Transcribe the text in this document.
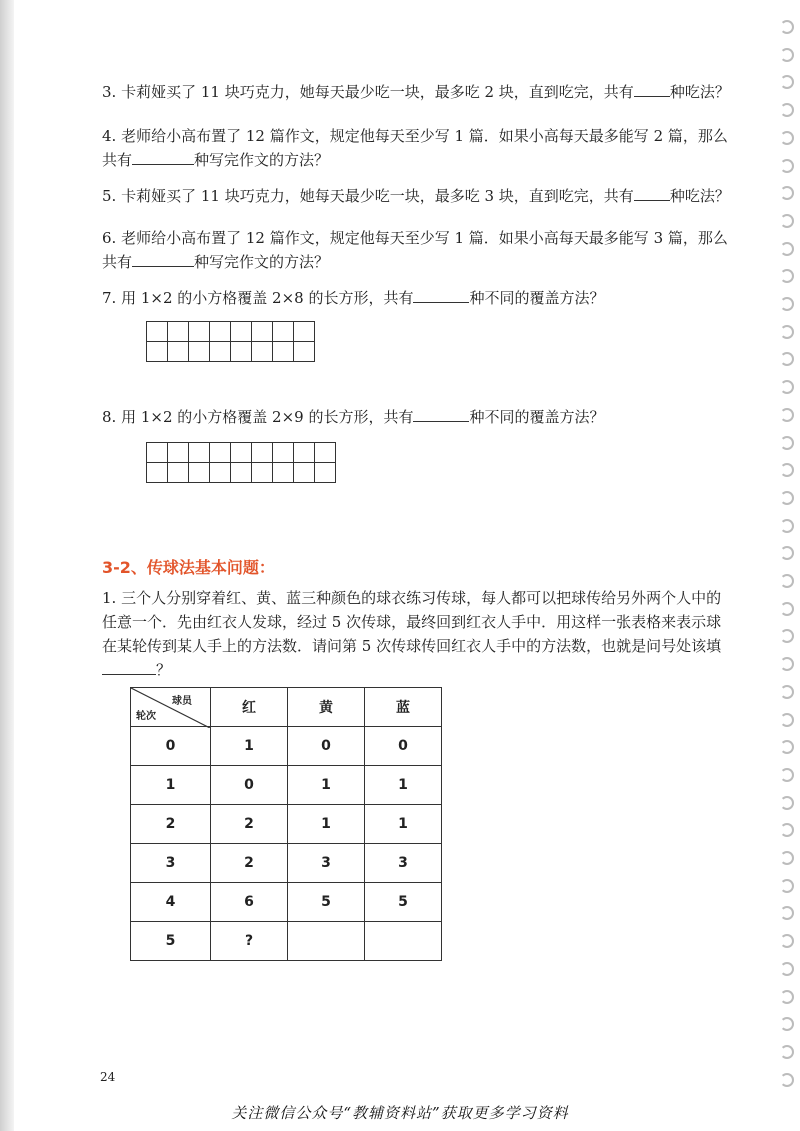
3. 卡莉娅买了 11 块巧克力，她每天最少吃一块，最多吃 2 块，直到吃完，共有 种吃法？
4. 老师给小高布置了 12 篇作文，规定他每天至少写 1 篇．如果小高每天最多能写 2 篇，那么共有	种写完作文的方法？
5. 卡莉娅买了 11 块巧克力，她每天最少吃一块，最多吃 3 块，直到吃完，共有 种吃法？
6. 老师给小高布置了 12 篇作文，规定他每天至少写 1 篇．如果小高每天最多能写 3 篇，那么共有	种写完作文的方法？
7. 用 1×2 的小方格覆盖 2×8 的长方形，共有	种不同的覆盖方法？

8. 用 1×2 的小方格覆盖 2×9 的长方形，共有	种不同的覆盖方法？

3-2、传球法基本问题：
1. 三个人分别穿着红、黄、蓝三种颜色的球衣练习传球，每人都可以把球传给另外两个人中的任意一个．先由红衣人发球，经过 5 次传球，最终回到红衣人手中．用这样一张表格来表示球在某轮传到某人手上的方法数．请问第 5 次传球传回红衣人手中的方法数，也就是问号处该填？
球员
轮次	红	黄	蓝
0	1	0	0
1	0	1	1
2	2	1	1
3	2	3	3
4	6	5	5
5	?		
24
关注微信公众号“教辅资料站”获取更多学习资料
